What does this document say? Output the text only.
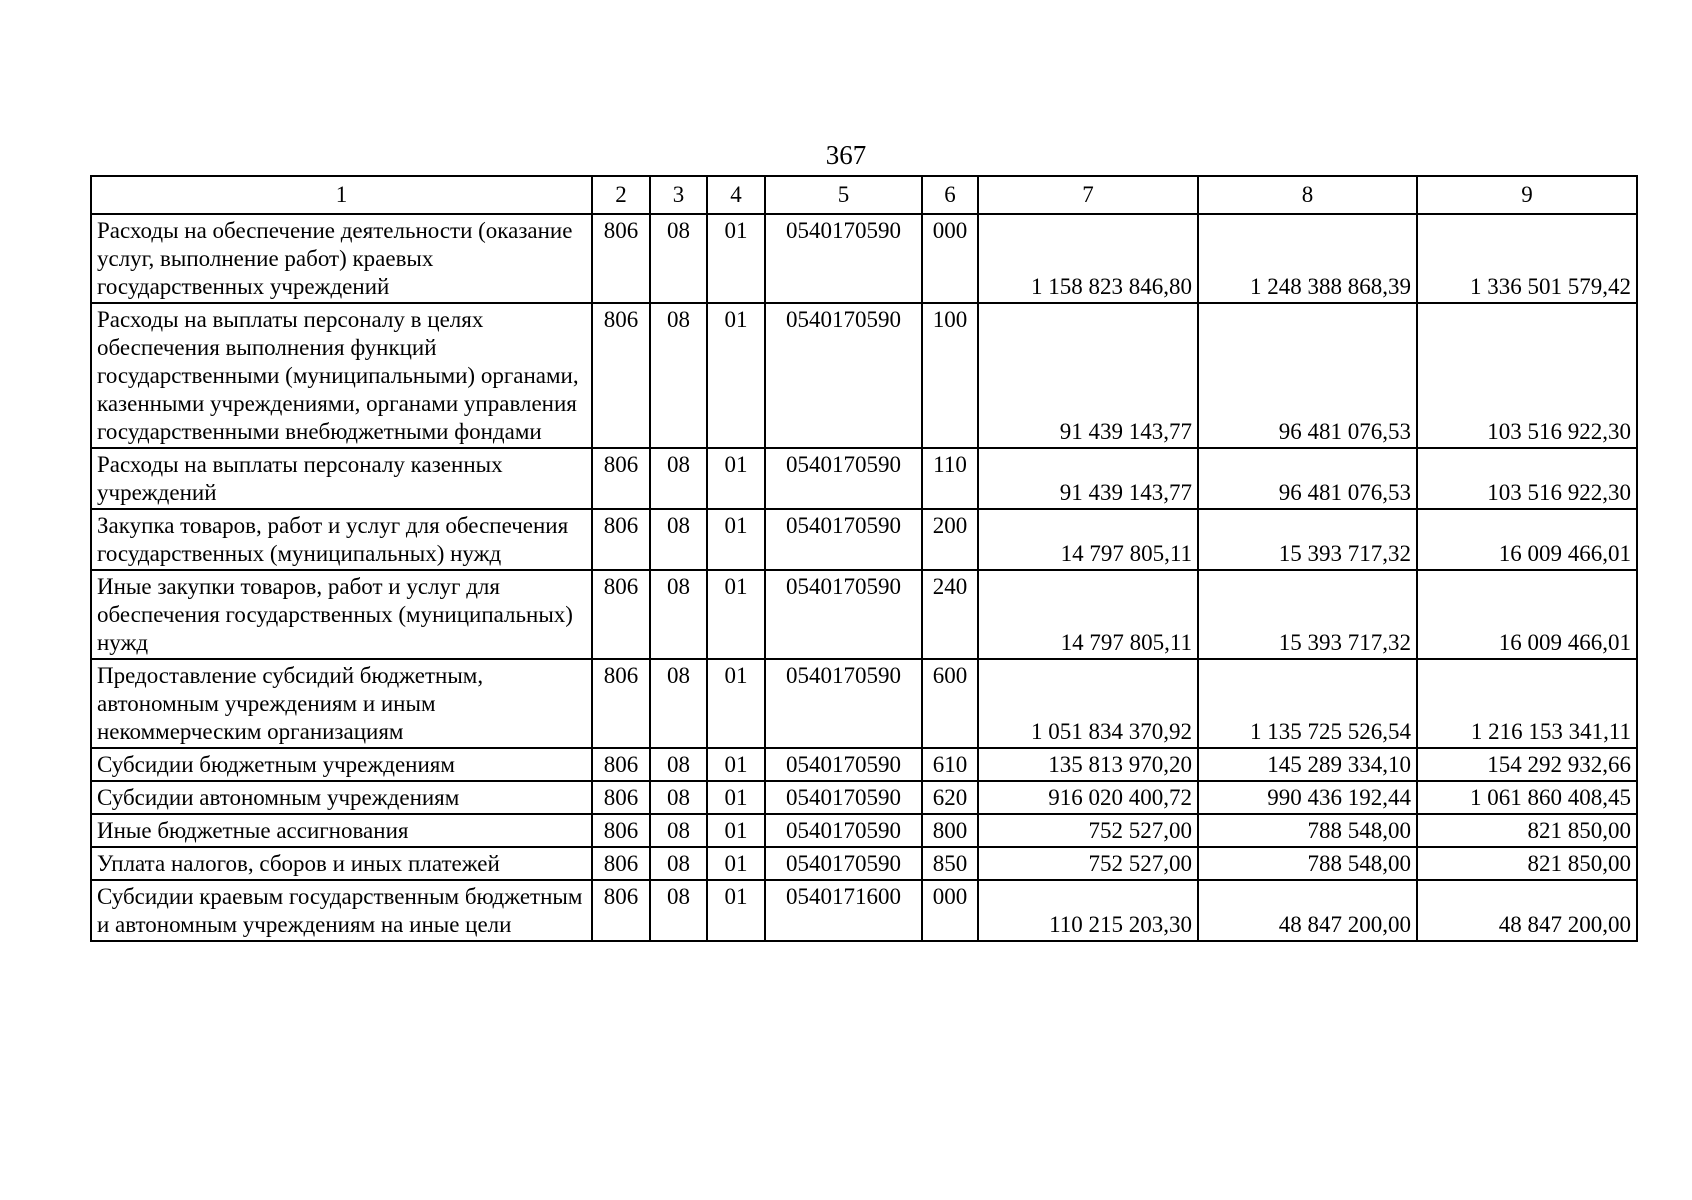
367
1	2	3	4	5	6	7	8	9
Расходы на обеспечение деятельности (оказание услуг, выполнение работ) краевых государственных учреждений	806	08	01	0540170590	000	1 158 823 846,80	1 248 388 868,39	1 336 501 579,42
Расходы на выплаты персоналу в целях обеспечения выполнения функций государственными (муниципальными) органами, казенными учреждениями, органами управления государственными внебюджетными фондами	806	08	01	0540170590	100	91 439 143,77	96 481 076,53	103 516 922,30
Расходы на выплаты персоналу казенных учреждений	806	08	01	0540170590	110	91 439 143,77	96 481 076,53	103 516 922,30
Закупка товаров, работ и услуг для обеспечения государственных (муниципальных) нужд	806	08	01	0540170590	200	14 797 805,11	15 393 717,32	16 009 466,01
Иные закупки товаров, работ и услуг для обеспечения государственных (муниципальных) нужд	806	08	01	0540170590	240	14 797 805,11	15 393 717,32	16 009 466,01
Предоставление субсидий бюджетным, автономным учреждениям и иным некоммерческим организациям	806	08	01	0540170590	600	1 051 834 370,92	1 135 725 526,54	1 216 153 341,11
Субсидии бюджетным учреждениям	806	08	01	0540170590	610	135 813 970,20	145 289 334,10	154 292 932,66
Субсидии автономным учреждениям	806	08	01	0540170590	620	916 020 400,72	990 436 192,44	1 061 860 408,45
Иные бюджетные ассигнования	806	08	01	0540170590	800	752 527,00	788 548,00	821 850,00
Уплата налогов, сборов и иных платежей	806	08	01	0540170590	850	752 527,00	788 548,00	821 850,00
Субсидии краевым государственным бюджетным и автономным учреждениям на иные цели	806	08	01	0540171600	000	110 215 203,30	48 847 200,00	48 847 200,00
